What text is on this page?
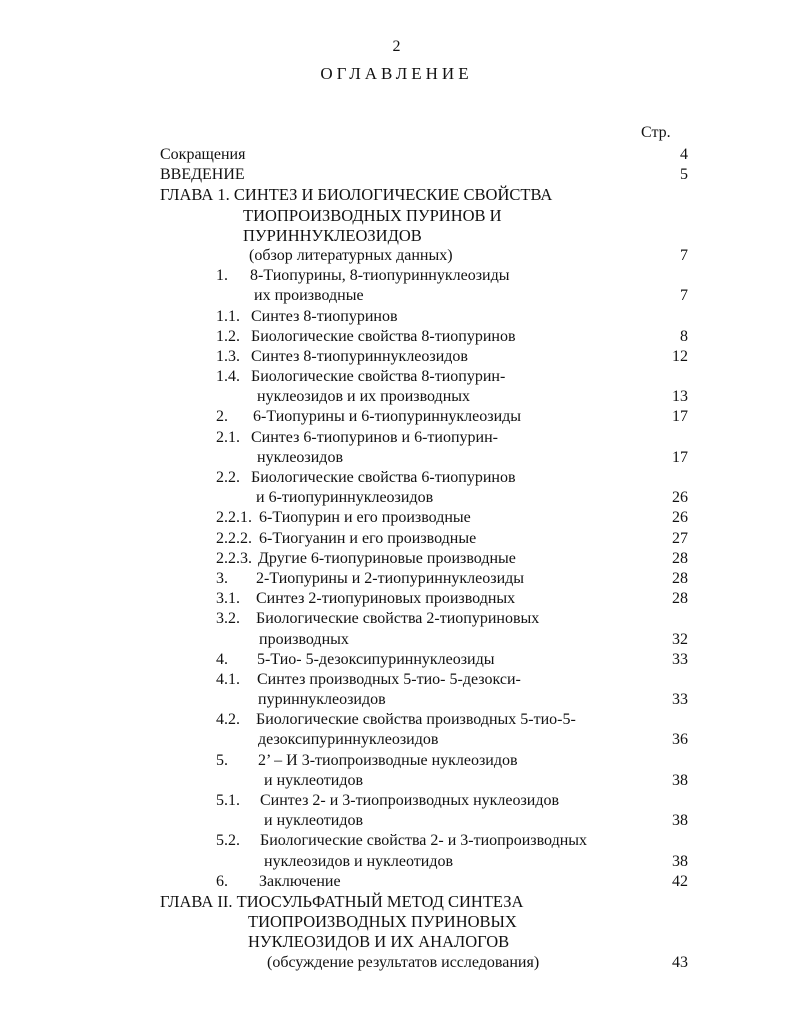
2
ОГЛАВЛЕНИЕ
Стр.
Сокращения	4
ВВЕДЕНИЕ	5
ГЛАВА 1. СИНТЕЗ И БИОЛОГИЧЕСКИЕ СВОЙСТВА
ТИОПРОИЗВОДНЫХ ПУРИНОВ И
ПУРИННУКЛЕОЗИДОВ
(обзор литературных данных)	7
1. 8-Тиопурины, 8-тиопуриннуклеозиды
их производные	7
1.1. Синтез 8-тиопуринов
1.2. Биологические свойства 8-тиопуринов	8
1.3. Синтез 8-тиопуриннуклеозидов	12
1.4. Биологические свойства 8-тиопурин-
нуклеозидов и их производных	13
2. 6-Тиопурины и 6-тиопуриннуклеозиды	17
2.1. Синтез 6-тиопуринов и 6-тиопурин-
нуклеозидов	17
2.2. Биологические свойства 6-тиопуринов
и 6-тиопуриннуклеозидов	26
2.2.1. 6-Тиопурин и его производные	26
2.2.2. 6-Тиогуанин и его производные	27
2.2.3. Другие 6-тиопуриновые производные	28
3. 2-Тиопурины и 2-тиопуриннуклеозиды	28
3.1. Синтез 2-тиопуриновых производных	28
3.2. Биологические свойства 2-тиопуриновых
производных	32
4. 5-Тио- 5-дезоксипуриннуклеозиды	33
4.1. Синтез производных 5-тио- 5-дезокси-
пуриннуклеозидов	33
4.2. Биологические свойства производных 5-тио-5-
дезоксипуриннуклеозидов	36
5. 2’ – И 3-тиопроизводные нуклеозидов
и нуклеотидов	38
5.1. Синтез 2- и 3-тиопроизводных нуклеозидов
и нуклеотидов	38
5.2. Биологические свойства 2- и 3-тиопроизводных
нуклеозидов и нуклеотидов	38
6. Заключение	42
ГЛАВА II. ТИОСУЛЬФАТНЫЙ МЕТОД СИНТЕЗА
ТИОПРОИЗВОДНЫХ ПУРИНОВЫХ
НУКЛЕОЗИДОВ И ИХ АНАЛОГОВ
(обсуждение результатов исследования)	43
